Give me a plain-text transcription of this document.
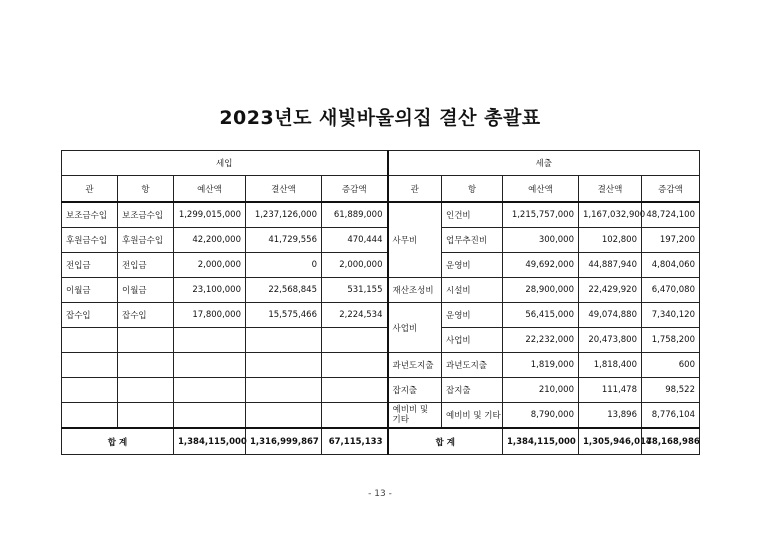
2023년도 새빛바울의집 결산 총괄표
세입					세출				
관	항	예산액	결산액	증감액	관	항	예산액	결산액	증감액
보조금수입	보조금수입	1,299,015,000	1,237,126,000	61,889,000	사무비	인건비	1,215,757,000	1,167,032,900	48,724,100
후원금수입	후원금수입	42,200,000	41,729,556	470,444		업무추진비	300,000	102,800	197,200
전입금	전입금	2,000,000	0	2,000,000		운영비	49,692,000	44,887,940	4,804,060
이월금	이월금	23,100,000	22,568,845	531,155	재산조성비	시설비	28,900,000	22,429,920	6,470,080
잡수입	잡수입	17,800,000	15,575,466	2,224,534	사업비	운영비	56,415,000	49,074,880	7,340,120
						사업비	22,232,000	20,473,800	1,758,200
					과년도지출	과년도지출	1,819,000	1,818,400	600
					잡지출	잡지출	210,000	111,478	98,522
					예비비 및 기타	예비비 및 기타	8,790,000	13,896	8,776,104
합 계		1,384,115,000	1,316,999,867	67,115,133	합 계		1,384,115,000	1,305,946,014	78,168,986
- 13 -
